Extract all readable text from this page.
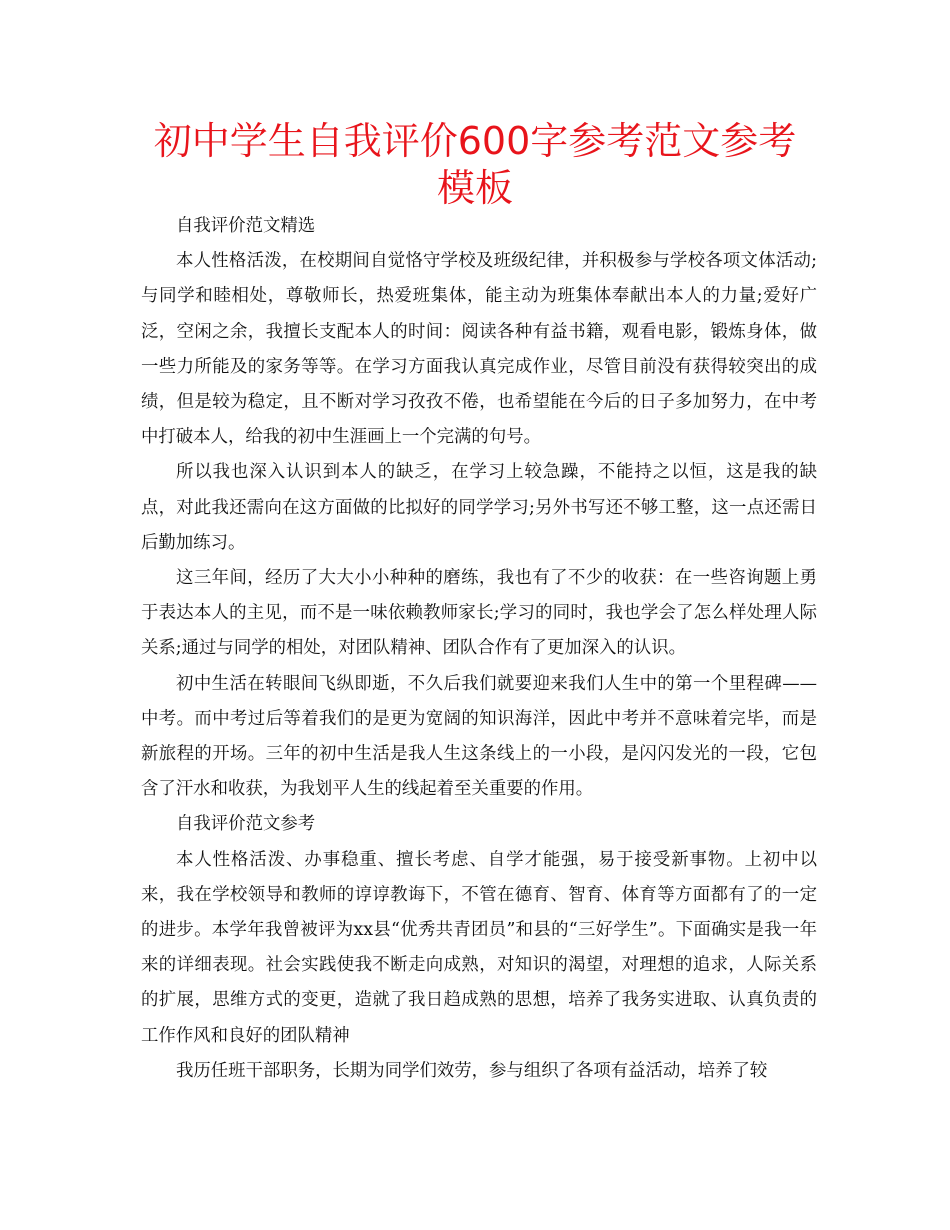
初中学生自我评价600字参考范文参考模板

自我评价范文精选

本人性格活泼，在校期间自觉恪守学校及班级纪律，并积极参与学校各项文体活动;与同学和睦相处，尊敬师长，热爱班集体，能主动为班集体奉献出本人的力量;爱好广泛，空闲之余，我擅长支配本人的时间：阅读各种有益书籍，观看电影，锻炼身体，做一些力所能及的家务等等。在学习方面我认真完成作业，尽管目前没有获得较突出的成绩，但是较为稳定，且不断对学习孜孜不倦，也希望能在今后的日子多加努力，在中考中打破本人，给我的初中生涯画上一个完满的句号。

所以我也深入认识到本人的缺乏，在学习上较急躁，不能持之以恒，这是我的缺点，对此我还需向在这方面做的比拟好的同学学习;另外书写还不够工整，这一点还需日后勤加练习。

这三年间，经历了大大小小种种的磨练，我也有了不少的收获：在一些咨询题上勇于表达本人的主见，而不是一味依赖教师家长;学习的同时，我也学会了怎么样处理人际关系;通过与同学的相处，对团队精神、团队合作有了更加深入的认识。

初中生活在转眼间飞纵即逝，不久后我们就要迎来我们人生中的第一个里程碑——中考。而中考过后等着我们的是更为宽阔的知识海洋，因此中考并不意味着完毕，而是新旅程的开场。三年的初中生活是我人生这条线上的一小段，是闪闪发光的一段，它包含了汗水和收获，为我划平人生的线起着至关重要的作用。

自我评价范文参考

本人性格活泼、办事稳重、擅长考虑、自学才能强，易于接受新事物。上初中以来，我在学校领导和教师的谆谆教诲下，不管在德育、智育、体育等方面都有了的一定的进步。本学年我曾被评为xx县“优秀共青团员”和县的“三好学生”。下面确实是我一年来的详细表现。社会实践使我不断走向成熟，对知识的渴望，对理想的追求，人际关系的扩展，思维方式的变更，造就了我日趋成熟的思想，培养了我务实进取、认真负责的工作作风和良好的团队精神

我历任班干部职务，长期为同学们效劳，参与组织了各项有益活动，培养了较
